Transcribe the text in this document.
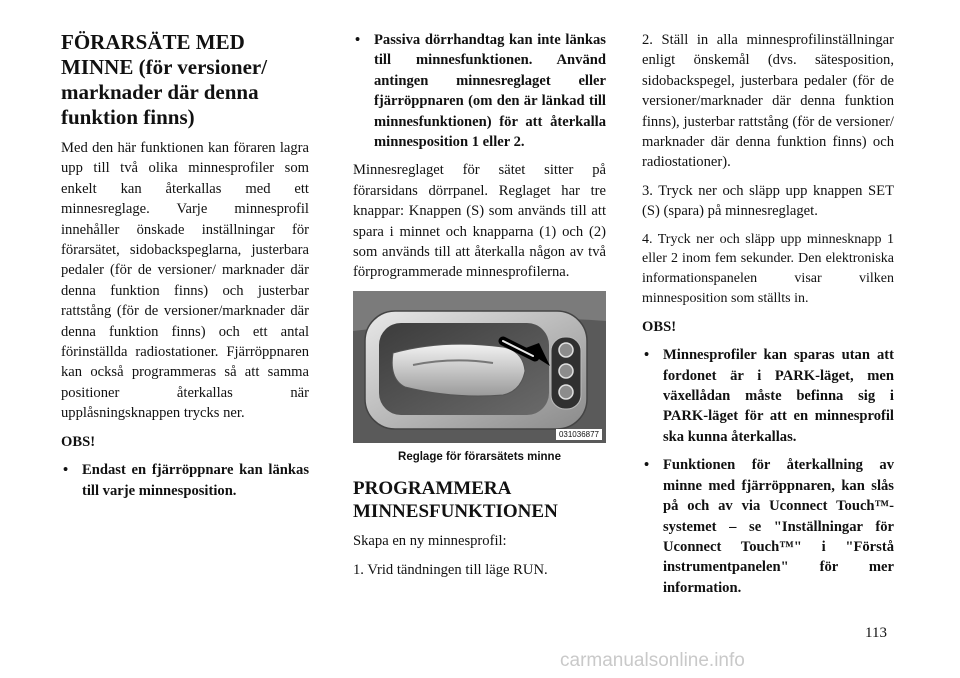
FÖRARSÄTE MED MINNE (för versioner/ marknader där denna funktion finns)

Med den här funktionen kan föraren lagra upp till två olika minnesprofiler som enkelt kan återkallas med ett minnesreglage. Varje minnesprofil innehåller önskade inställningar för förarsätet, sidobackspeglarna, justerbara pedaler (för de versioner/ marknader där denna funktion finns) och justerbar rattstång (för de versioner/marknader där denna funktion finns) och ett antal förinställda radiostationer. Fjärröppnaren kan också programmeras så att samma positioner återkallas när upplåsningsknappen trycks ner.

OBS!

• Endast en fjärröppnare kan länkas till varje minnesposition.
• Passiva dörrhandtag kan inte länkas till minnesfunktionen. Använd antingen minnesreglaget eller fjärröppnaren (om den är länkad till minnesfunktionen) för att återkalla minnesposition 1 eller 2.

Minnesreglaget för sätet sitter på förarsidans dörrpanel. Reglaget har tre knappar: Knappen (S) som används till att spara i minnet och knapparna (1) och (2) som används till att återkalla någon av två förprogrammerade minnesprofilerna.

031036877

Reglage för förarsätets minne

PROGRAMMERA MINNESFUNKTIONEN

Skapa en ny minnesprofil:

1. Vrid tändningen till läge RUN.

2. Ställ in alla minnesprofilinställningar enligt önskemål (dvs. sätesposition, sidobackspegel, justerbara pedaler (för de versioner/marknader där denna funktion finns), justerbar rattstång (för de versioner/ marknader där denna funktion finns) och radiostationer).

3. Tryck ner och släpp upp knappen SET (S) (spara) på minnesreglaget.

4. Tryck ner och släpp upp minnesknapp 1 eller 2 inom fem sekunder. Den elektroniska informationspanelen visar vilken minnesposition som ställts in.

OBS!

• Minnesprofiler kan sparas utan att fordonet är i PARK-läget, men växellådan måste befinna sig i PARK-läget för att en minnesprofil ska kunna återkallas.
• Funktionen för återkallning av minne med fjärröppnaren, kan slås på och av via Uconnect Touch™-systemet – se "Inställningar för Uconnect Touch™" i "Förstå instrumentpanelen" för mer information.
113
carmanualsonline.info
